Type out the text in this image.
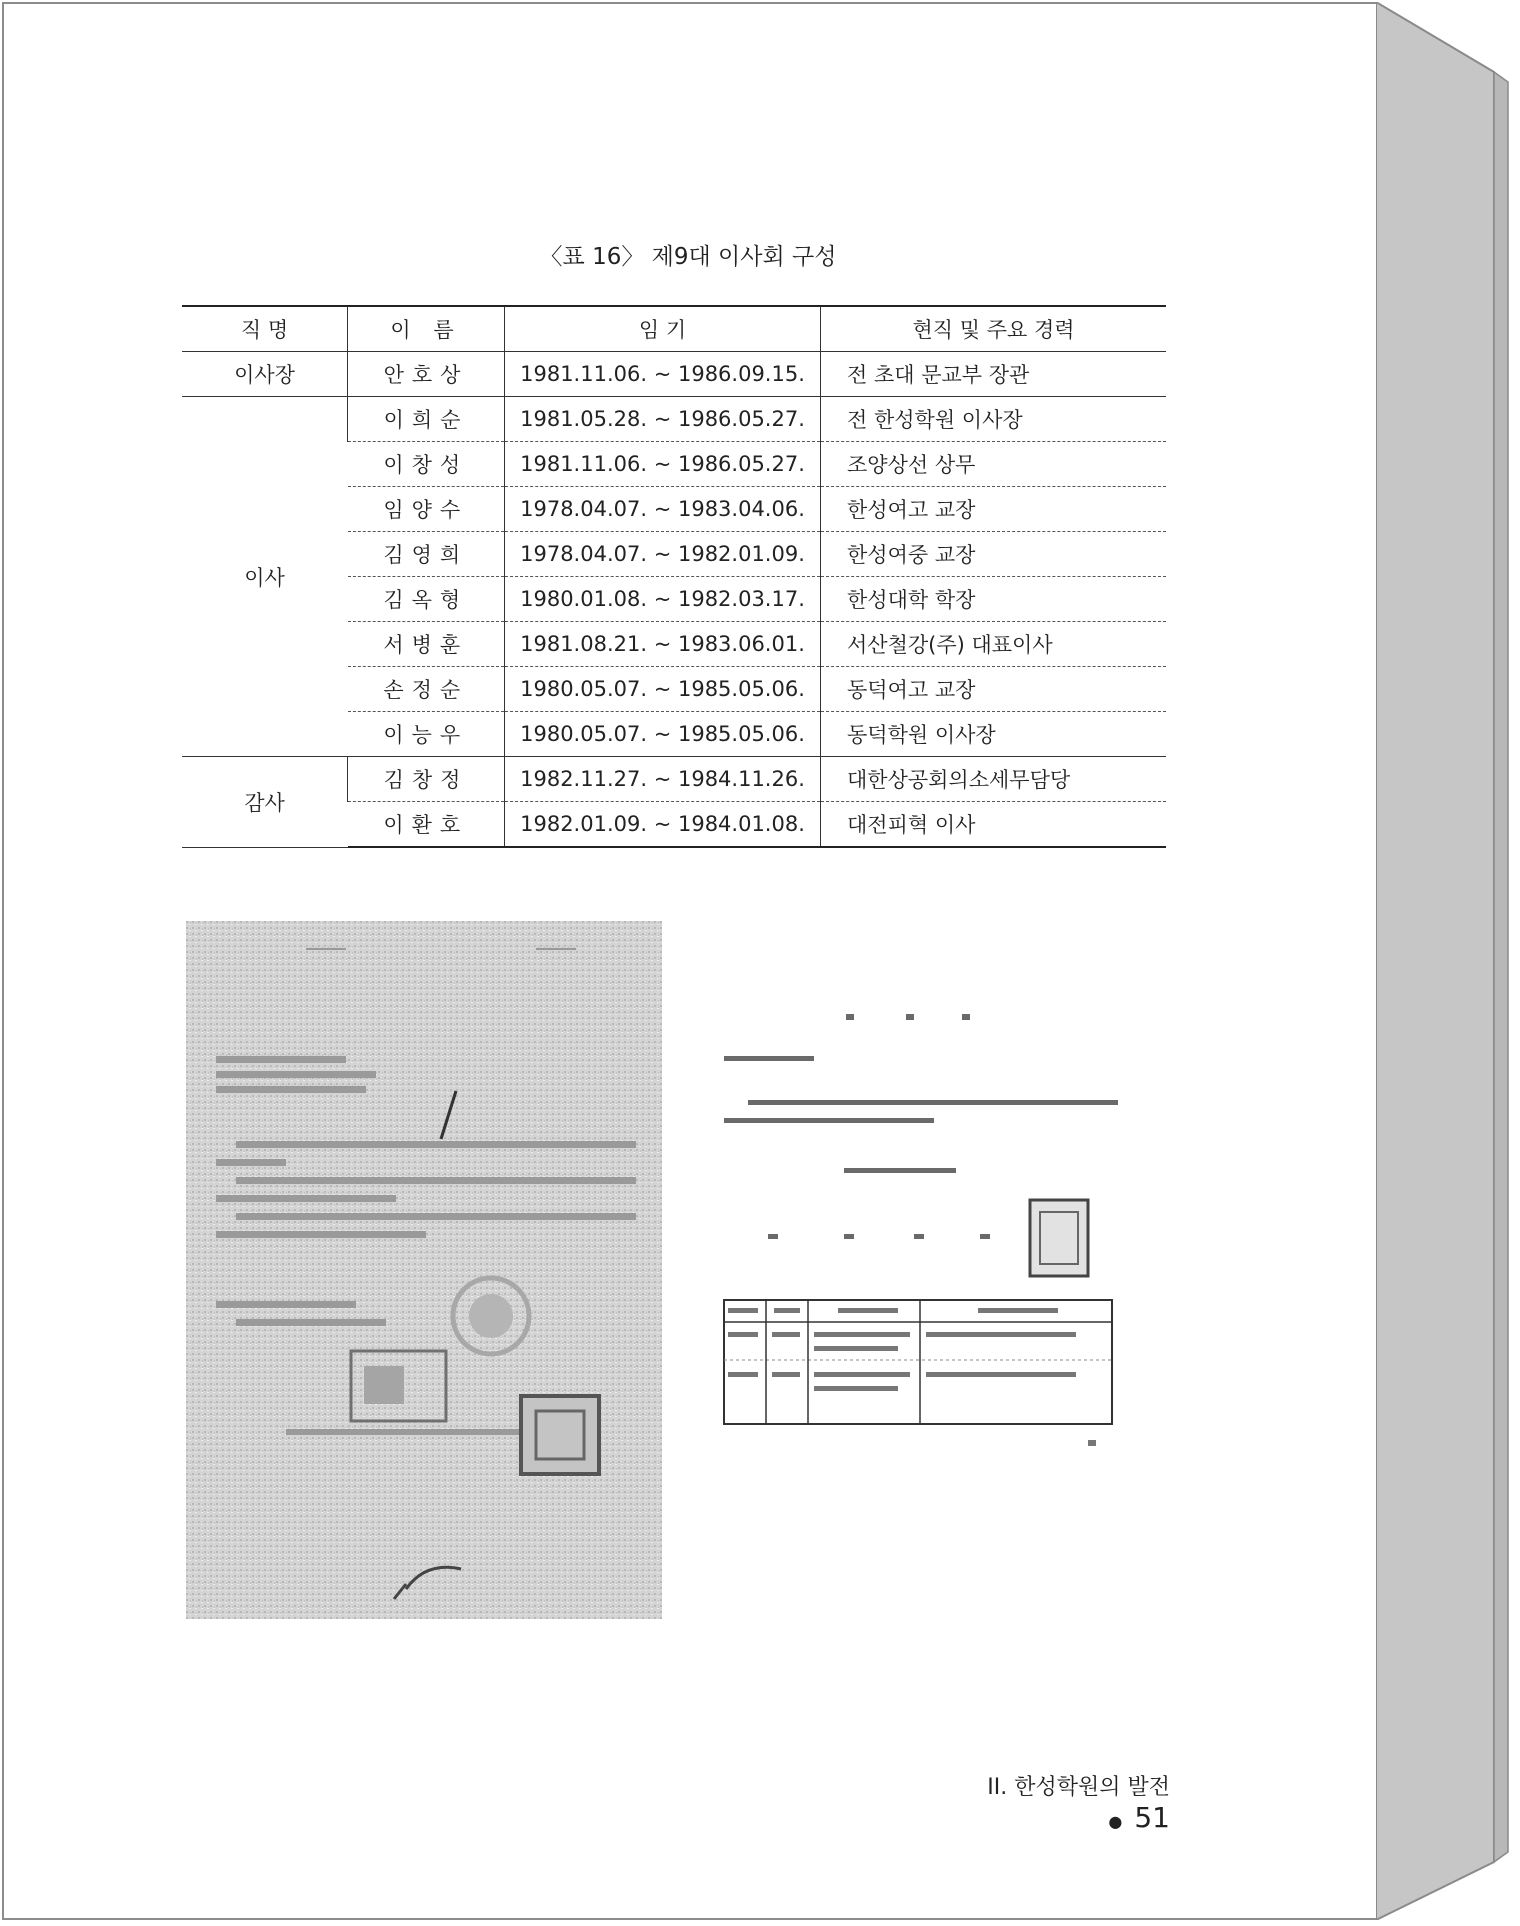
〈표 16〉 제9대 이사회 구성
직 명	이 름	임 기	현직 및 주요 경력
이사장	안호상	1981.11.06. ~ 1986.09.15.	전 초대 문교부 장관
이사	이희순	1981.05.28. ~ 1986.05.27.	전 한성학원 이사장
	이창성	1981.11.06. ~ 1986.05.27.	조양상선 상무
	임양수	1978.04.07. ~ 1983.04.06.	한성여고 교장
	김영희	1978.04.07. ~ 1982.01.09.	한성여중 교장
	김옥형	1980.01.08. ~ 1982.03.17.	한성대학 학장
	서병훈	1981.08.21. ~ 1983.06.01.	서산철강(주) 대표이사
	손정순	1980.05.07. ~ 1985.05.06.	동덕여고 교장
	이능우	1980.05.07. ~ 1985.05.06.	동덕학원 이사장
감사	김창정	1982.11.27. ~ 1984.11.26.	대한상공회의소세무담당
	이환호	1982.01.09. ~ 1984.01.08.	대전피혁 이사
II. 한성학원의 발전● 51
